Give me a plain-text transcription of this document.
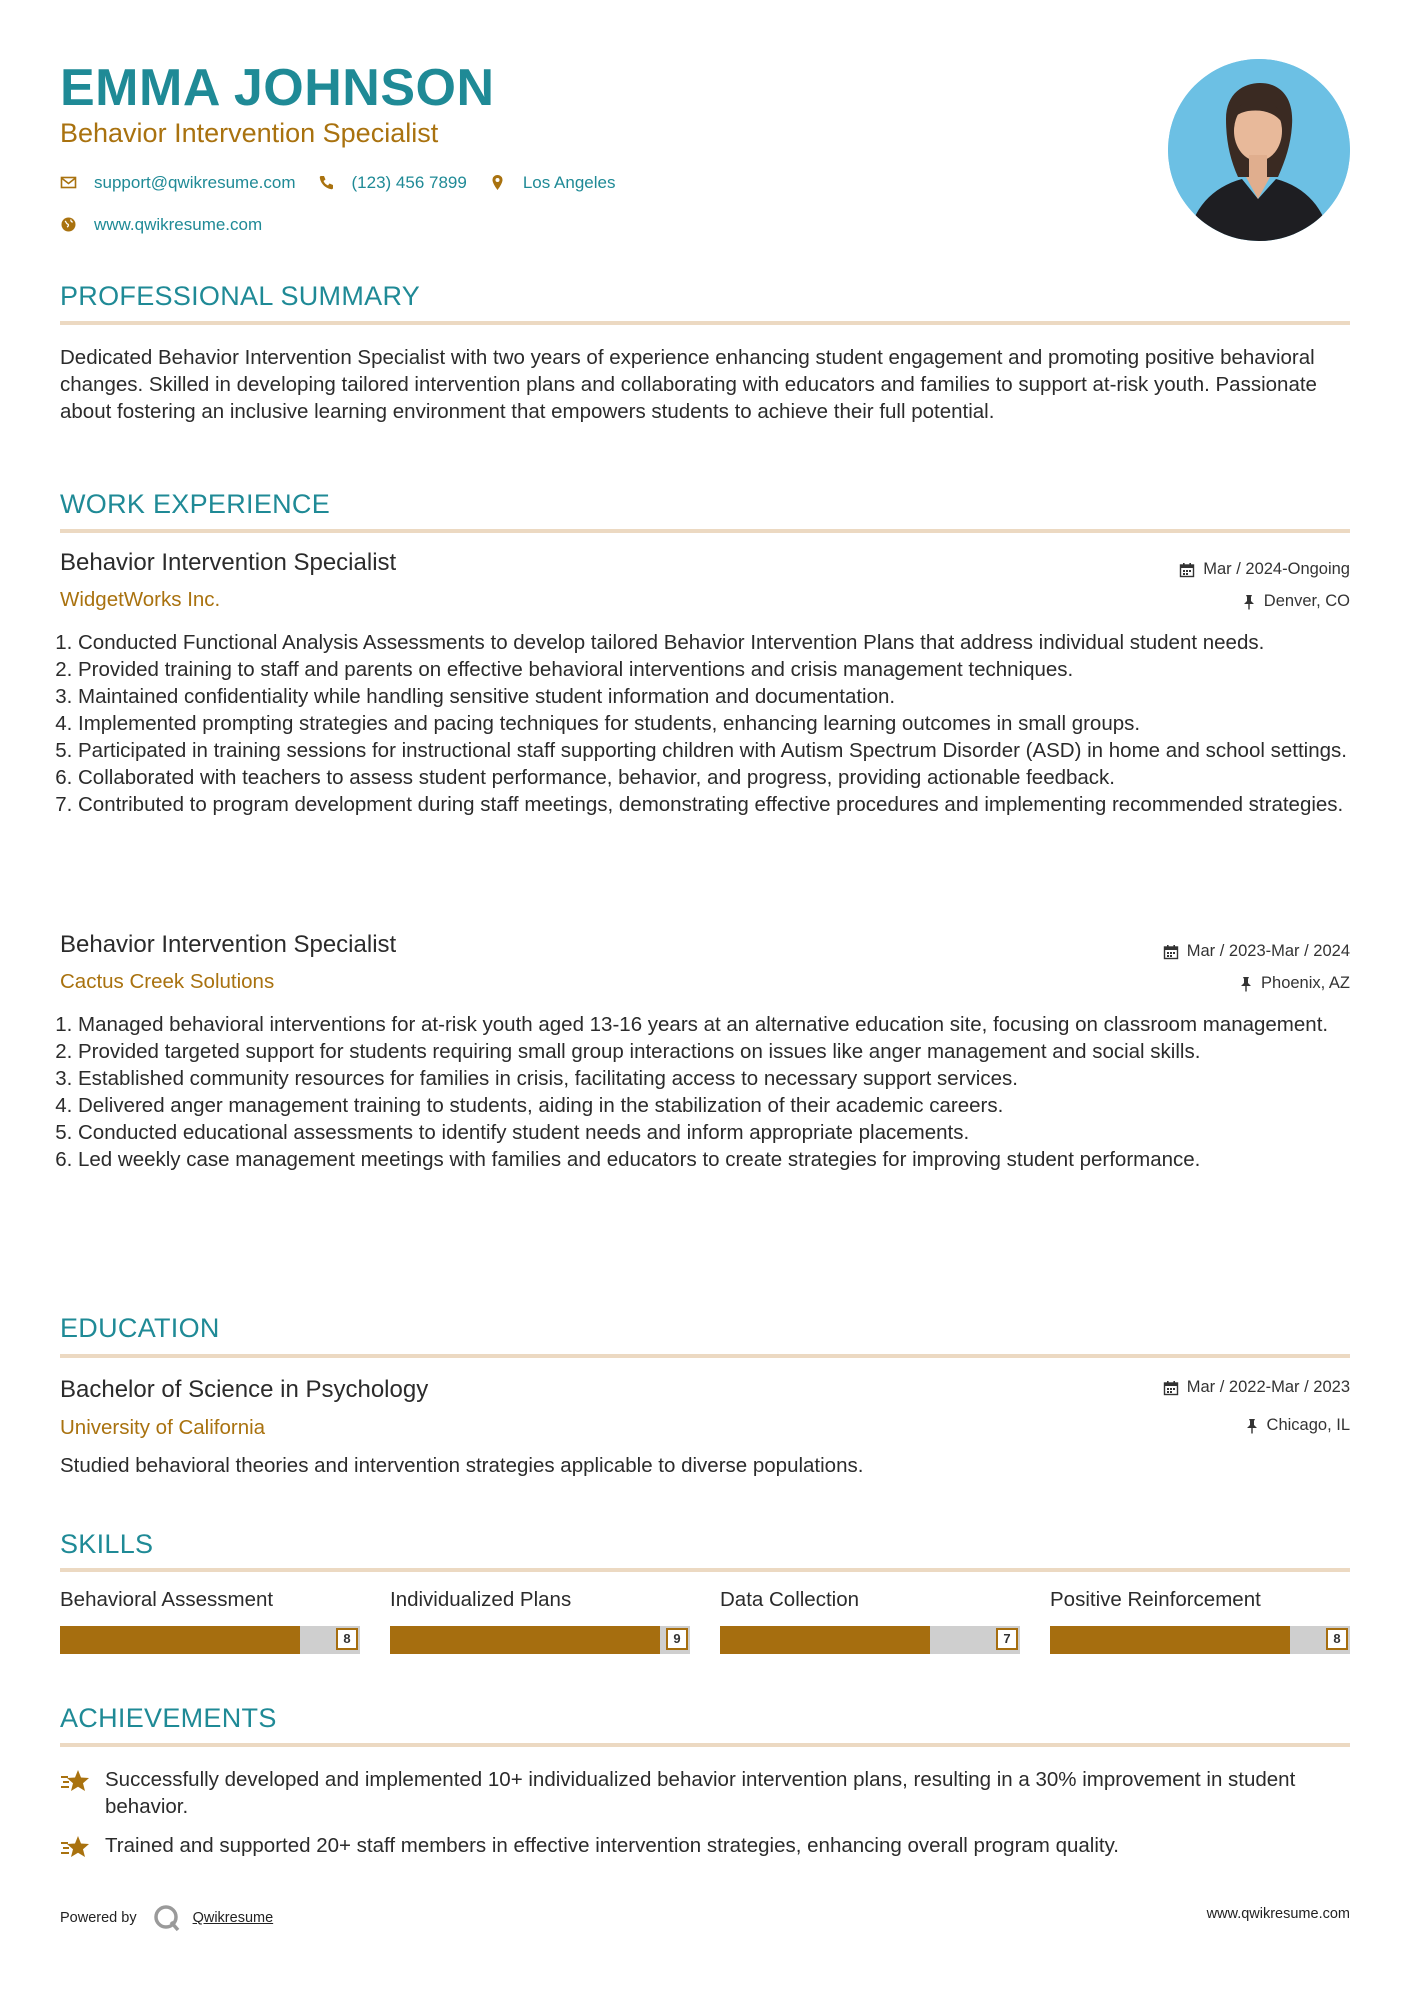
EMMA JOHNSON
Behavior Intervention Specialist
support@qwikresume.com	(123) 456 7899	Los Angeles
www.qwikresume.com
PROFESSIONAL SUMMARY

Dedicated Behavior Intervention Specialist with two years of experience enhancing student engagement and promoting positive behavioral changes. Skilled in developing tailored intervention plans and collaborating with educators and families to support at-risk youth. Passionate about fostering an inclusive learning environment that empowers students to achieve their full potential.

WORK EXPERIENCE
Behavior Intervention Specialist	Mar / 2024-Ongoing
WidgetWorks Inc.	Denver, CO
1. Conducted Functional Analysis Assessments to develop tailored Behavior Intervention Plans that address individual student needs.
2. Provided training to staff and parents on effective behavioral interventions and crisis management techniques.
3. Maintained confidentiality while handling sensitive student information and documentation.
4. Implemented prompting strategies and pacing techniques for students, enhancing learning outcomes in small groups.
5. Participated in training sessions for instructional staff supporting children with Autism Spectrum Disorder (ASD) in home and school settings.
6. Collaborated with teachers to assess student performance, behavior, and progress, providing actionable feedback.
7. Contributed to program development during staff meetings, demonstrating effective procedures and implementing recommended strategies.
Behavior Intervention Specialist	Mar / 2023-Mar / 2024
Cactus Creek Solutions	Phoenix, AZ
1. Managed behavioral interventions for at-risk youth aged 13-16 years at an alternative education site, focusing on classroom management.
2. Provided targeted support for students requiring small group interactions on issues like anger management and social skills.
3. Established community resources for families in crisis, facilitating access to necessary support services.
4. Delivered anger management training to students, aiding in the stabilization of their academic careers.
5. Conducted educational assessments to identify student needs and inform appropriate placements.
6. Led weekly case management meetings with families and educators to create strategies for improving student performance.
EDUCATION
Bachelor of Science in Psychology	Mar / 2022-Mar / 2023
University of California	Chicago, IL

Studied behavioral theories and intervention strategies applicable to diverse populations.

SKILLS
Behavioral Assessment
8
Individualized Plans
9
Data Collection
7
Positive Reinforcement
8
ACHIEVEMENTS
Successfully developed and implemented 10+ individualized behavior intervention plans, resulting in a 30% improvement in student behavior.
Trained and supported 20+ staff members in effective intervention strategies, enhancing overall program quality.
Powered by	Qwikresume	www.qwikresume.com
